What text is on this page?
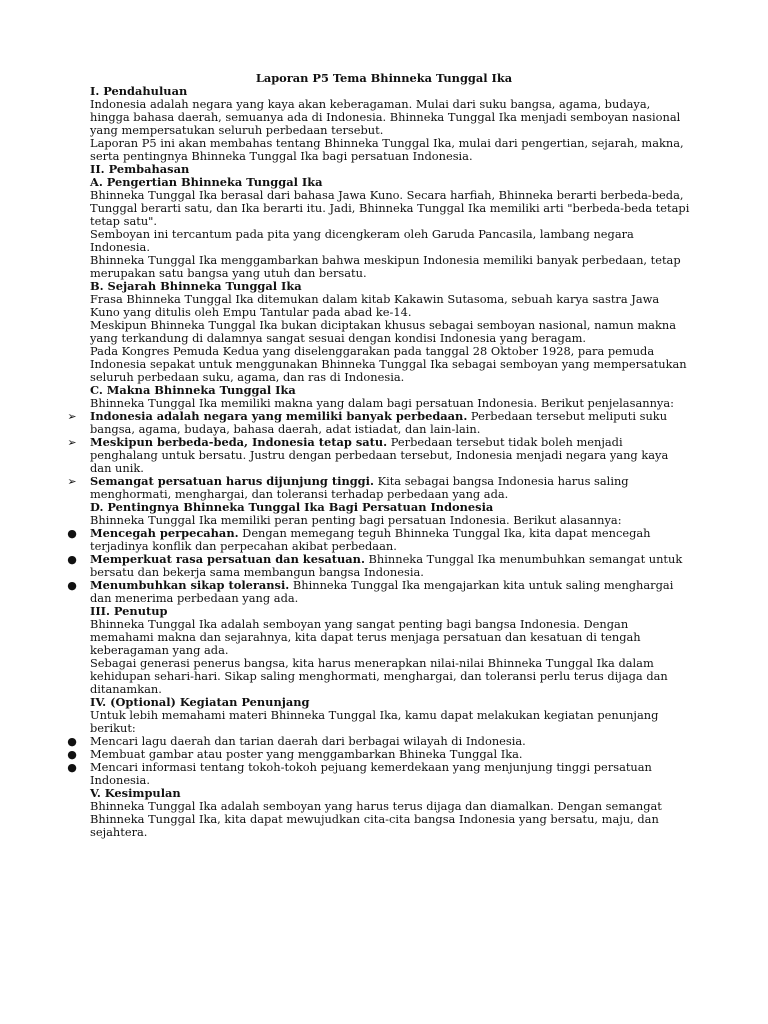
Laporan P5 Tema Bhinneka Tunggal Ika

I. Pendahuluan

Indonesia adalah negara yang kaya akan keberagaman. Mulai dari suku bangsa, agama, budaya, hingga bahasa daerah, semuanya ada di Indonesia. Bhinneka Tunggal Ika menjadi semboyan nasional yang mempersatukan seluruh perbedaan tersebut.

Laporan P5 ini akan membahas tentang Bhinneka Tunggal Ika, mulai dari pengertian, sejarah, makna, serta pentingnya Bhinneka Tunggal Ika bagi persatuan Indonesia.

II. Pembahasan

A. Pengertian Bhinneka Tunggal Ika

Bhinneka Tunggal Ika berasal dari bahasa Jawa Kuno. Secara harfiah, Bhinneka berarti berbeda-beda, Tunggal berarti satu, dan Ika berarti itu. Jadi, Bhinneka Tunggal Ika memiliki arti "berbeda-beda tetapi tetap satu".

Semboyan ini tercantum pada pita yang dicengkeram oleh Garuda Pancasila, lambang negara Indonesia.

Bhinneka Tunggal Ika menggambarkan bahwa meskipun Indonesia memiliki banyak perbedaan, tetap merupakan satu bangsa yang utuh dan bersatu.

B. Sejarah Bhinneka Tunggal Ika

Frasa Bhinneka Tunggal Ika ditemukan dalam kitab Kakawin Sutasoma, sebuah karya sastra Jawa Kuno yang ditulis oleh Empu Tantular pada abad ke-14.

Meskipun Bhinneka Tunggal Ika bukan diciptakan khusus sebagai semboyan nasional, namun makna yang terkandung di dalamnya sangat sesuai dengan kondisi Indonesia yang beragam.

Pada Kongres Pemuda Kedua yang diselenggarakan pada tanggal 28 Oktober 1928, para pemuda Indonesia sepakat untuk menggunakan Bhinneka Tunggal Ika sebagai semboyan yang mempersatukan seluruh perbedaan suku, agama, dan ras di Indonesia.

C. Makna Bhinneka Tunggal Ika

Bhinneka Tunggal Ika memiliki makna yang dalam bagi persatuan Indonesia. Berikut penjelasannya:

➢ Indonesia adalah negara yang memiliki banyak perbedaan. Perbedaan tersebut meliputi suku bangsa, agama, budaya, bahasa daerah, adat istiadat, dan lain-lain.
➢ Meskipun berbeda-beda, Indonesia tetap satu. Perbedaan tersebut tidak boleh menjadi penghalang untuk bersatu. Justru dengan perbedaan tersebut, Indonesia menjadi negara yang kaya dan unik.
➢ Semangat persatuan harus dijunjung tinggi. Kita sebagai bangsa Indonesia harus saling menghormati, menghargai, dan toleransi terhadap perbedaan yang ada.

D. Pentingnya Bhinneka Tunggal Ika Bagi Persatuan Indonesia

Bhinneka Tunggal Ika memiliki peran penting bagi persatuan Indonesia. Berikut alasannya:

● Mencegah perpecahan. Dengan memegang teguh Bhinneka Tunggal Ika, kita dapat mencegah terjadinya konflik dan perpecahan akibat perbedaan.
● Memperkuat rasa persatuan dan kesatuan. Bhinneka Tunggal Ika menumbuhkan semangat untuk bersatu dan bekerja sama membangun bangsa Indonesia.
● Menumbuhkan sikap toleransi. Bhinneka Tunggal Ika mengajarkan kita untuk saling menghargai dan menerima perbedaan yang ada.

III. Penutup

Bhinneka Tunggal Ika adalah semboyan yang sangat penting bagi bangsa Indonesia. Dengan memahami makna dan sejarahnya, kita dapat terus menjaga persatuan dan kesatuan di tengah keberagaman yang ada.

Sebagai generasi penerus bangsa, kita harus menerapkan nilai-nilai Bhinneka Tunggal Ika dalam kehidupan sehari-hari. Sikap saling menghormati, menghargai, dan toleransi perlu terus dijaga dan ditanamkan.

IV. (Optional) Kegiatan Penunjang

Untuk lebih memahami materi Bhinneka Tunggal Ika, kamu dapat melakukan kegiatan penunjang berikut:

● Mencari lagu daerah dan tarian daerah dari berbagai wilayah di Indonesia.
● Membuat gambar atau poster yang menggambarkan Bhineka Tunggal Ika.
● Mencari informasi tentang tokoh-tokoh pejuang kemerdekaan yang menjunjung tinggi persatuan Indonesia.

V. Kesimpulan

Bhinneka Tunggal Ika adalah semboyan yang harus terus dijaga dan diamalkan. Dengan semangat Bhinneka Tunggal Ika, kita dapat mewujudkan cita-cita bangsa Indonesia yang bersatu, maju, dan sejahtera.
